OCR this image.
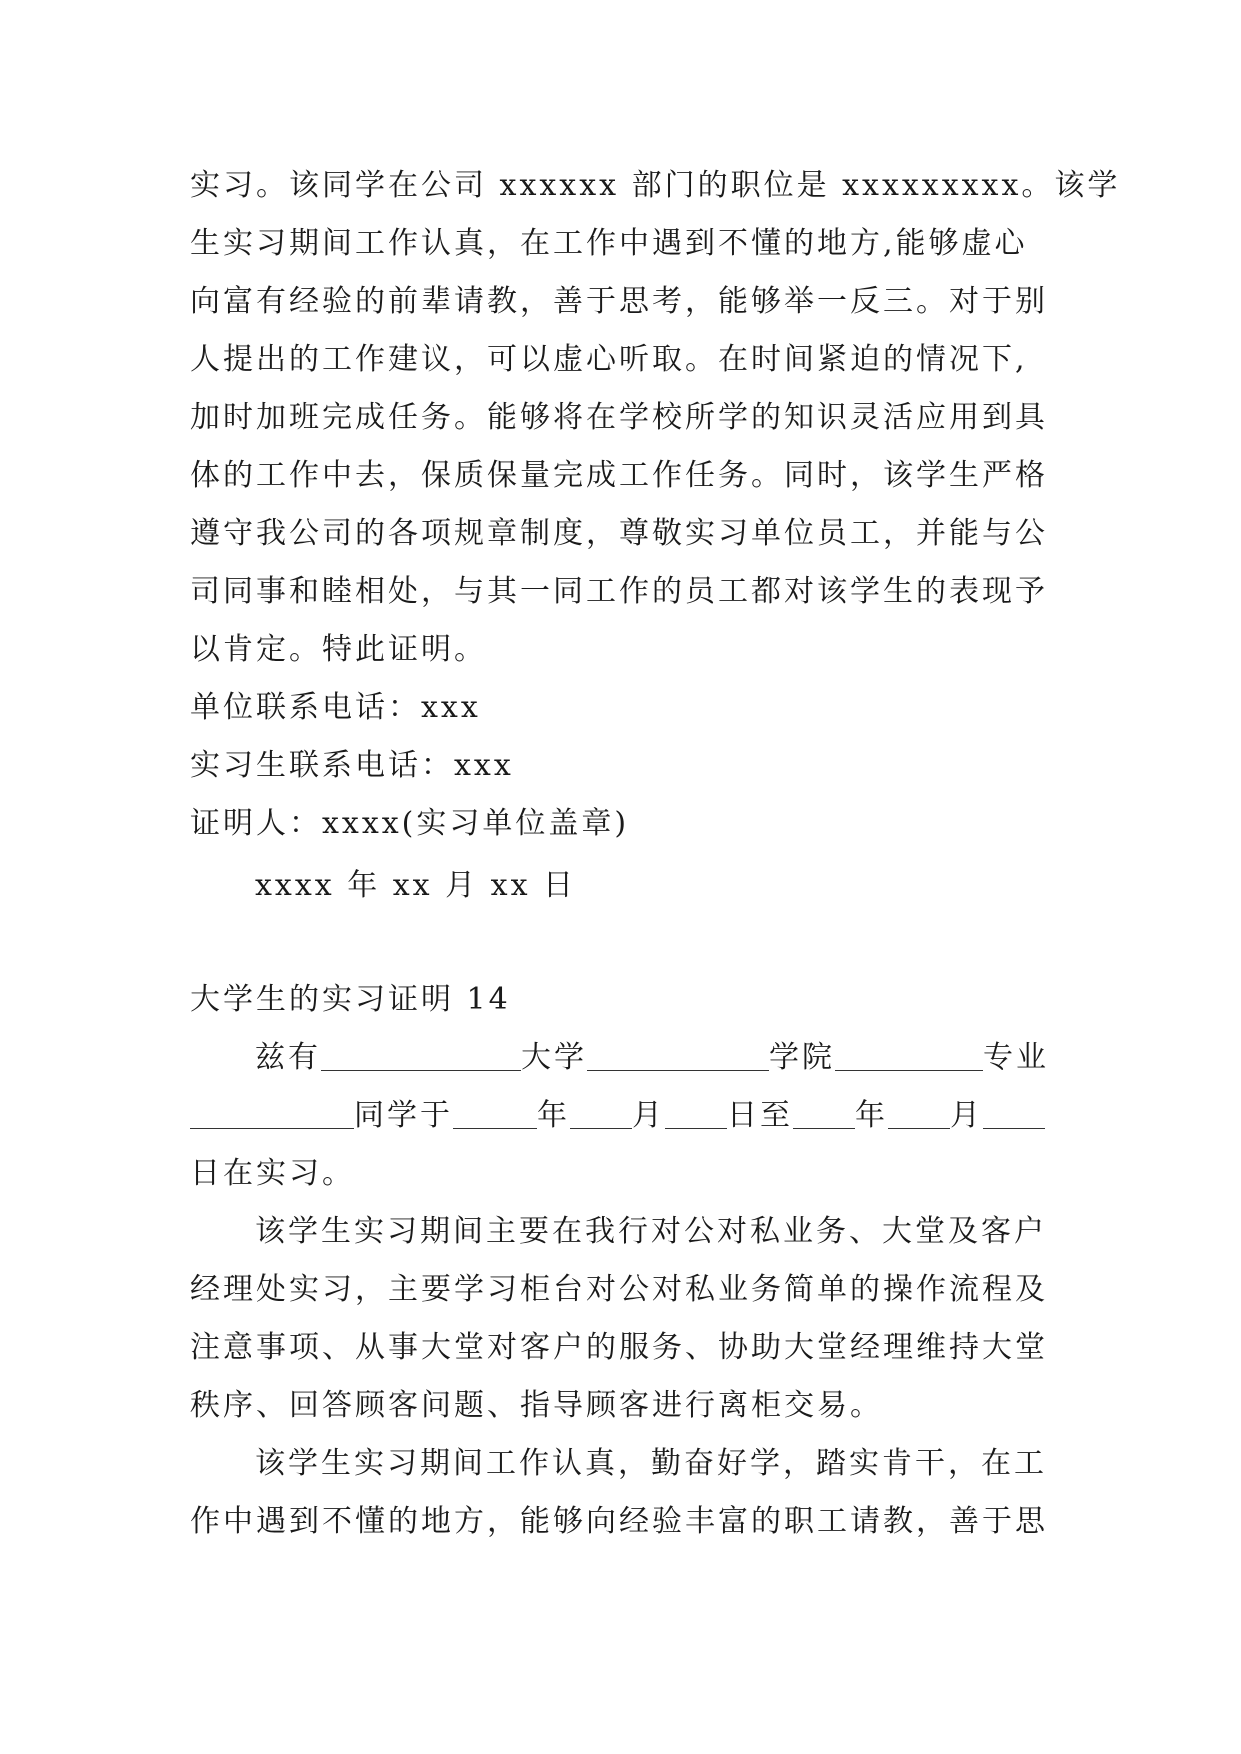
实习。该同学在公司 xxxxxx 部门的职位是 xxxxxxxxx。该学
生实习期间工作认真，在工作中遇到不懂的地方,能够虚心
向富有经验的前辈请教，善于思考，能够举一反三。对于别
人提出的工作建议，可以虚心听取。在时间紧迫的情况下,
加时加班完成任务。能够将在学校所学的知识灵活应用到具
体的工作中去，保质保量完成工作任务。同时，该学生严格
遵守我公司的各项规章制度，尊敬实习单位员工，并能与公
司同事和睦相处，与其一同工作的员工都对该学生的表现予
以肯定。特此证明。
单位联系电话：xxx
实习生联系电话：xxx
证明人：xxxx(实习单位盖章)
xxxx 年 xx 月 xx 日
大学生的实习证明 14
兹有	大学	学院	专业
同学于	年 月 日至 年 月
日在实习。
该学生实习期间主要在我行对公对私业务、大堂及客户
经理处实习，主要学习柜台对公对私业务简单的操作流程及
注意事项、从事大堂对客户的服务、协助大堂经理维持大堂
秩序、回答顾客问题、指导顾客进行离柜交易。
该学生实习期间工作认真，勤奋好学，踏实肯干，在工
作中遇到不懂的地方，能够向经验丰富的职工请教，善于思
